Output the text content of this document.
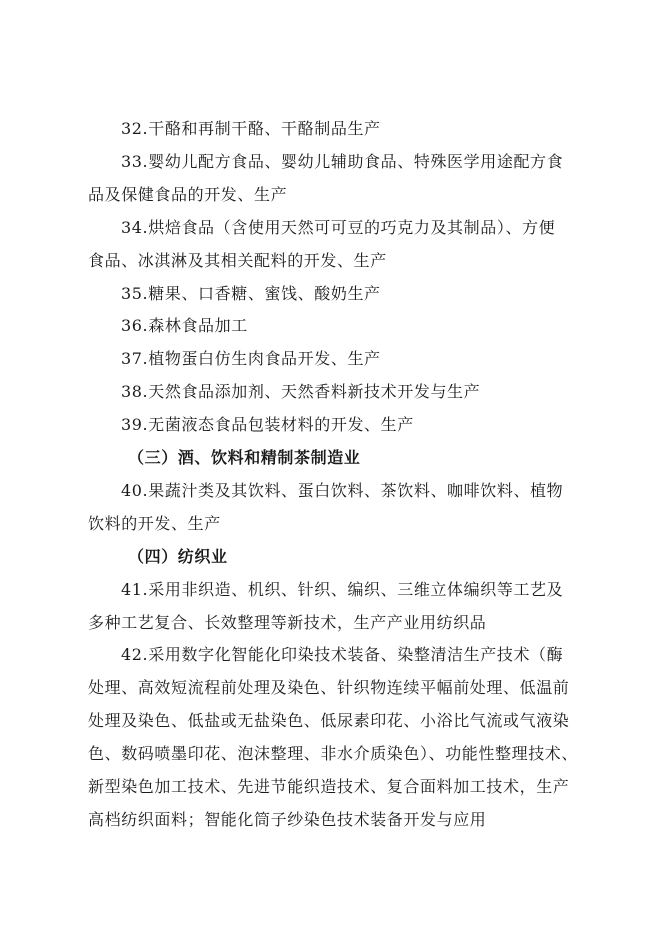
32.干酪和再制干酪、干酪制品生产
33.婴幼儿配方食品、婴幼儿辅助食品、特殊医学用途配方食
品及保健食品的开发、生产
34.烘焙食品（含使用天然可可豆的巧克力及其制品）、方便
食品、冰淇淋及其相关配料的开发、生产
35.糖果、口香糖、蜜饯、酸奶生产
36.森林食品加工
37.植物蛋白仿生肉食品开发、生产
38.天然食品添加剂、天然香料新技术开发与生产
39.无菌液态食品包装材料的开发、生产
（三）酒、饮料和精制茶制造业
40.果蔬汁类及其饮料、蛋白饮料、茶饮料、咖啡饮料、植物
饮料的开发、生产
（四）纺织业
41.采用非织造、机织、针织、编织、三维立体编织等工艺及
多种工艺复合、长效整理等新技术，生产产业用纺织品
42.采用数字化智能化印染技术装备、染整清洁生产技术（酶
处理、高效短流程前处理及染色、针织物连续平幅前处理、低温前
处理及染色、低盐或无盐染色、低尿素印花、小浴比气流或气液染
色、数码喷墨印花、泡沫整理、非水介质染色）、功能性整理技术、
新型染色加工技术、先进节能织造技术、复合面料加工技术，生产
高档纺织面料；智能化筒子纱染色技术装备开发与应用
